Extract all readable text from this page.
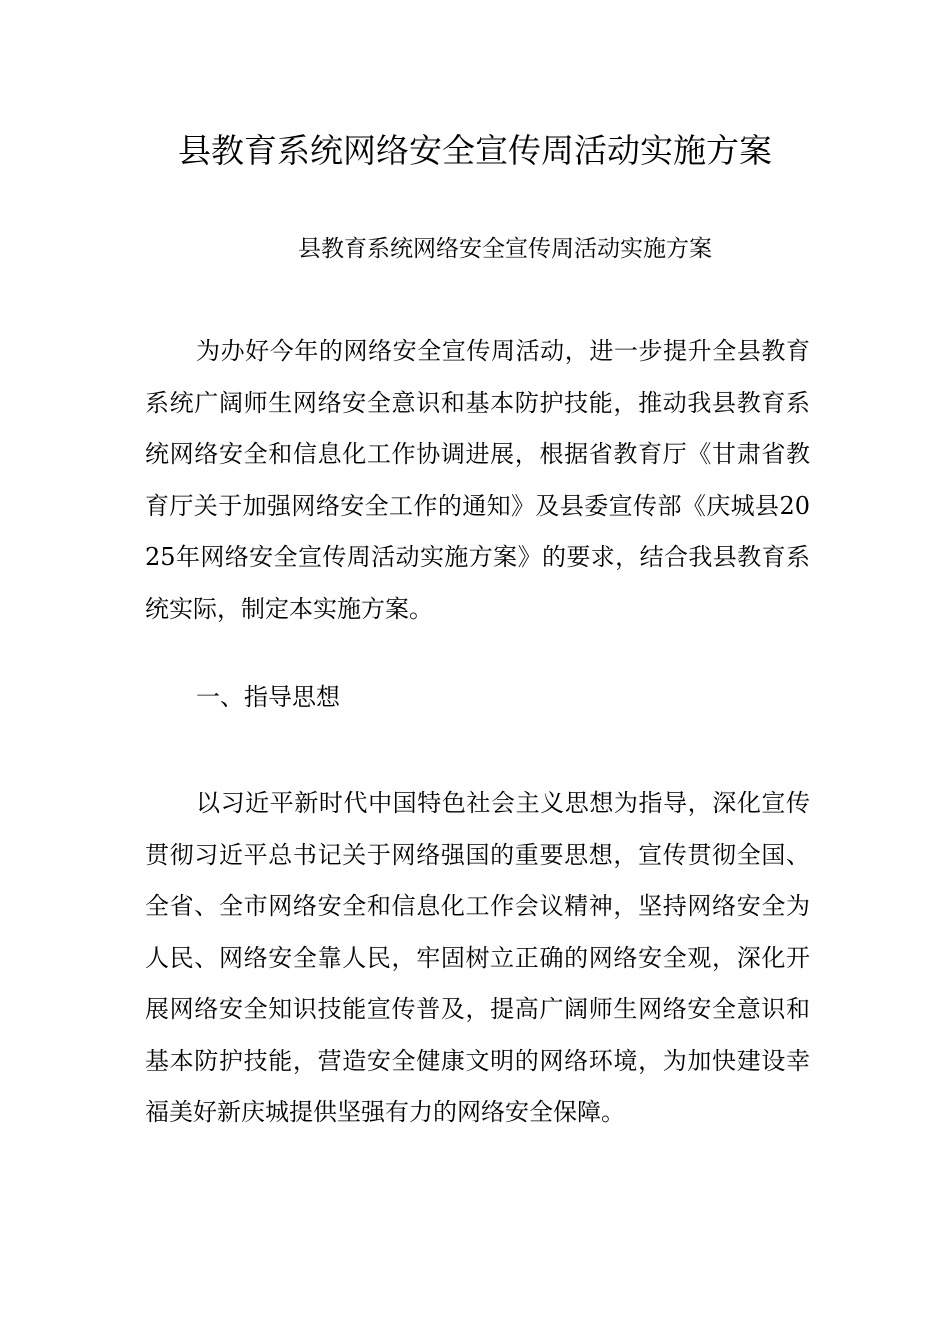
县教育系统网络安全宣传周活动实施方案
县教育系统网络安全宣传周活动实施方案

为办好今年的网络安全宣传周活动，进一步提升全县教育系统广阔师生网络安全意识和基本防护技能，推动我县教育系统网络安全和信息化工作协调进展，根据省教育厅《甘肃省教育厅关于加强网络安全工作的通知》及县委宣传部《庆城县2025年网络安全宣传周活动实施方案》的要求，结合我县教育系统实际，制定本实施方案。

一、指导思想

以习近平新时代中国特色社会主义思想为指导，深化宣传贯彻习近平总书记关于网络强国的重要思想，宣传贯彻全国、全省、全市网络安全和信息化工作会议精神，坚持网络安全为人民、网络安全靠人民，牢固树立正确的网络安全观，深化开展网络安全知识技能宣传普及，提高广阔师生网络安全意识和基本防护技能，营造安全健康文明的网络环境，为加快建设幸福美好新庆城提供坚强有力的网络安全保障。
